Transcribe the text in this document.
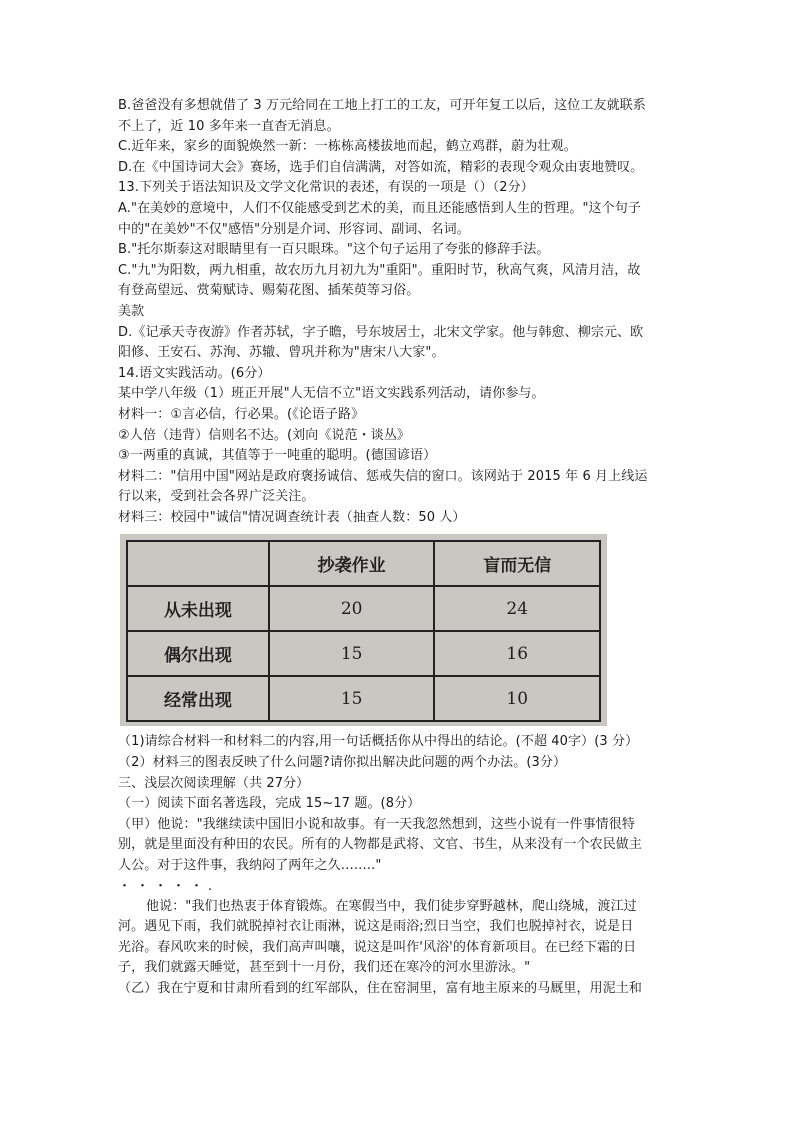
B.爸爸没有多想就借了 3 万元给同在工地上打工的工友，可开年复工以后，这位工友就联系
不上了，近 10 多年来一直杳无消息。
C.近年来，家乡的面貌焕然一新：一栋栋高楼拔地而起，鹤立鸡群，蔚为壮观。
D.在《中国诗词大会》赛场，选手们自信满满，对答如流，精彩的表现令观众由衷地赞叹。
13.下列关于语法知识及文学文化常识的表述，有误的一项是（）（2分）
A."在美妙的意境中，人们不仅能感受到艺术的美，而且还能感悟到人生的哲理。"这个句子
中的"在美妙"不仅"感悟"分别是介词、形容词、副词、名词。
B."托尔斯泰这对眼睛里有一百只眼珠。"这个句子运用了夸张的修辞手法。
C."九"为阳数，两九相重，故农历九月初九为"重阳"。重阳时节，秋高气爽，风清月洁，故
有登高望远、赏菊赋诗、赐菊花图、插茱萸等习俗。
美款
D.《记承天寺夜游》作者苏轼，字子瞻，号东坡居士，北宋文学家。他与韩愈、柳宗元、欧
阳修、王安石、苏洵、苏辙、曾巩并称为"唐宋八大家"。
14.语文实践活动。(6分）
某中学八年级（1）班正开展"人无信不立"语文实践系列活动，请你参与。
材料一：①言必信，行必果。(《论语子路》
②人倍（违背）信则名不达。(刘向《说范・谈丛》
③一两重的真诚，其值等于一吨重的聪明。(德国谚语）
材料二："信用中国"网站是政府褒扬诚信、惩戒失信的窗口。该网站于 2015 年 6 月上线运
行以来，受到社会各界广泛关注。
材料三：校园中"诚信"情况调查统计表（抽查人数：50 人）
	抄袭作业	盲而无信
从未出现	20	24
偶尔出现	15	16
经常出现	15	10
（1)请综合材料一和材料二的内容,用一句话概括你从中得出的结论。(不超 40字）(3 分）
（2）材料三的图表反映了什么问题?请你拟出解决此问题的两个办法。(3分）
三、浅层次阅读理解（共 27分）
（一）阅读下面名著选段，完成 15~17 题。(8分）
（甲）他说："我继续读中国旧小说和故事。有一天我忽然想到，这些小说有一件事情很特
别，就是里面没有种田的农民。所有的人物都是武将、文官、书生，从来没有一个农民做主
人公。对于这件事，我纳闷了两年之久…….."
・・・・・.
他说："我们也热衷于体育锻炼。在寒假当中，我们徒步穿野越林，爬山绕城，渡江过
河。遇见下雨，我们就脱掉衬衣让雨淋，说这是雨浴;烈日当空，我们也脱掉衬衣，说是日
光浴。春风吹来的时候，我们高声叫嚷，说这是叫作'风浴'的体育新项目。在已经下霜的日
子，我们就露天睡觉，甚至到十一月份，我们还在寒冷的河水里游泳。"
（乙）我在宁夏和甘肃所看到的红军部队，住在窑洞里，富有地主原来的马厩里，用泥土和
